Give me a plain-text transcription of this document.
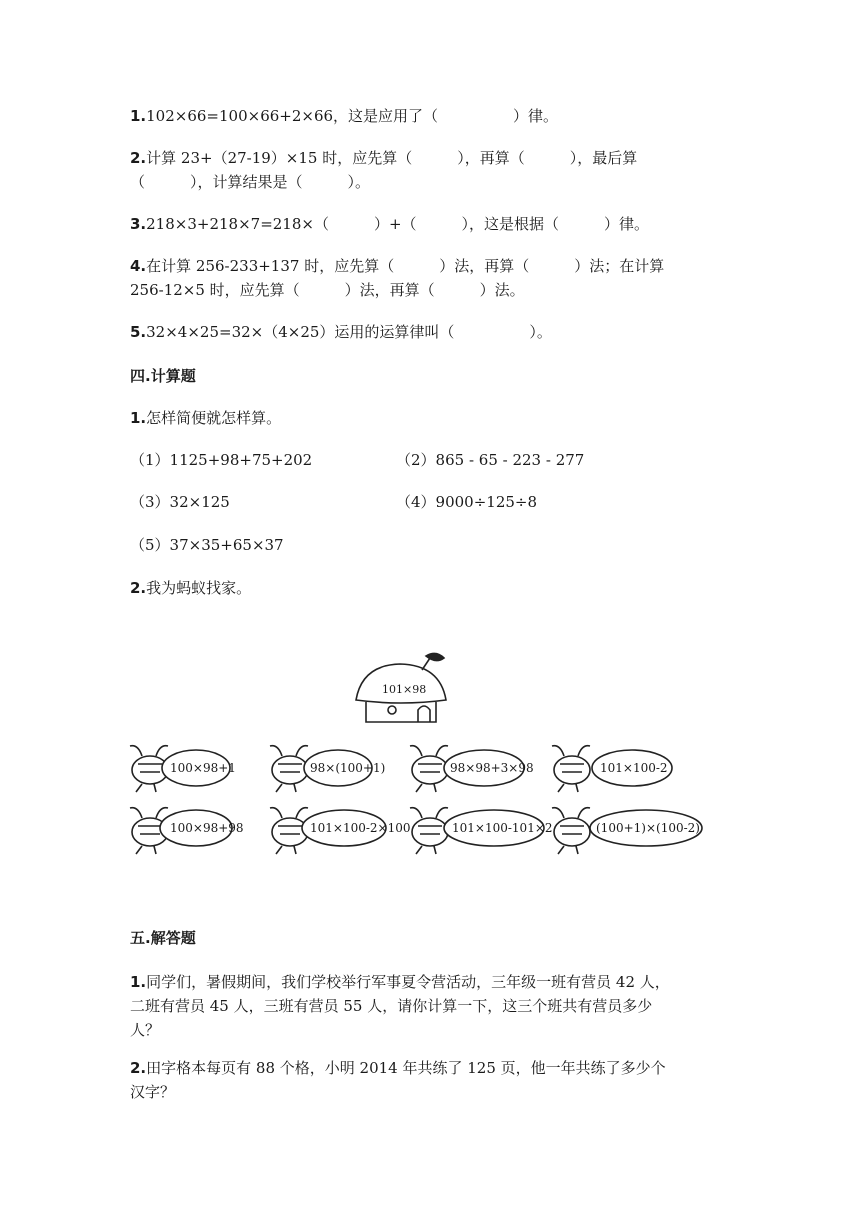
1.102×66=100×66+2×66，这是应用了（　　　　　）律。
2.计算 23+（27-19）×15 时，应先算（　　　），再算（　　　），最后算
（　　　），计算结果是（　　　）。
3.218×3+218×7=218×（　　　）+（　　　），这是根据（　　　）律。
4.在计算 256-233+137 时，应先算（　　　）法，再算（　　　）法；在计算
256-12×5 时，应先算（　　　）法，再算（　　　）法。
5.32×4×25=32×（4×25）运用的运算律叫（　　　　　）。
四.计算题
1.怎样简便就怎样算。
（1）1125+98+75+202	（2）865 - 65 - 223 - 277
（3）32×125	（4）9000÷125÷8
（5）37×35+65×37
2.我为蚂蚁找家。
101×98
100×98+1	98×(100+1)	98×98+3×98	101×100-2
100×98+98	101×100-2×100	101×100-101×2	(100+1)×(100-2)
五.解答题
1.同学们，暑假期间，我们学校举行军事夏令营活动，三年级一班有营员 42 人，
二班有营员 45 人，三班有营员 55 人，请你计算一下，这三个班共有营员多少
人？
2.田字格本每页有 88 个格，小明 2014 年共练了 125 页，他一年共练了多少个
汉字？
